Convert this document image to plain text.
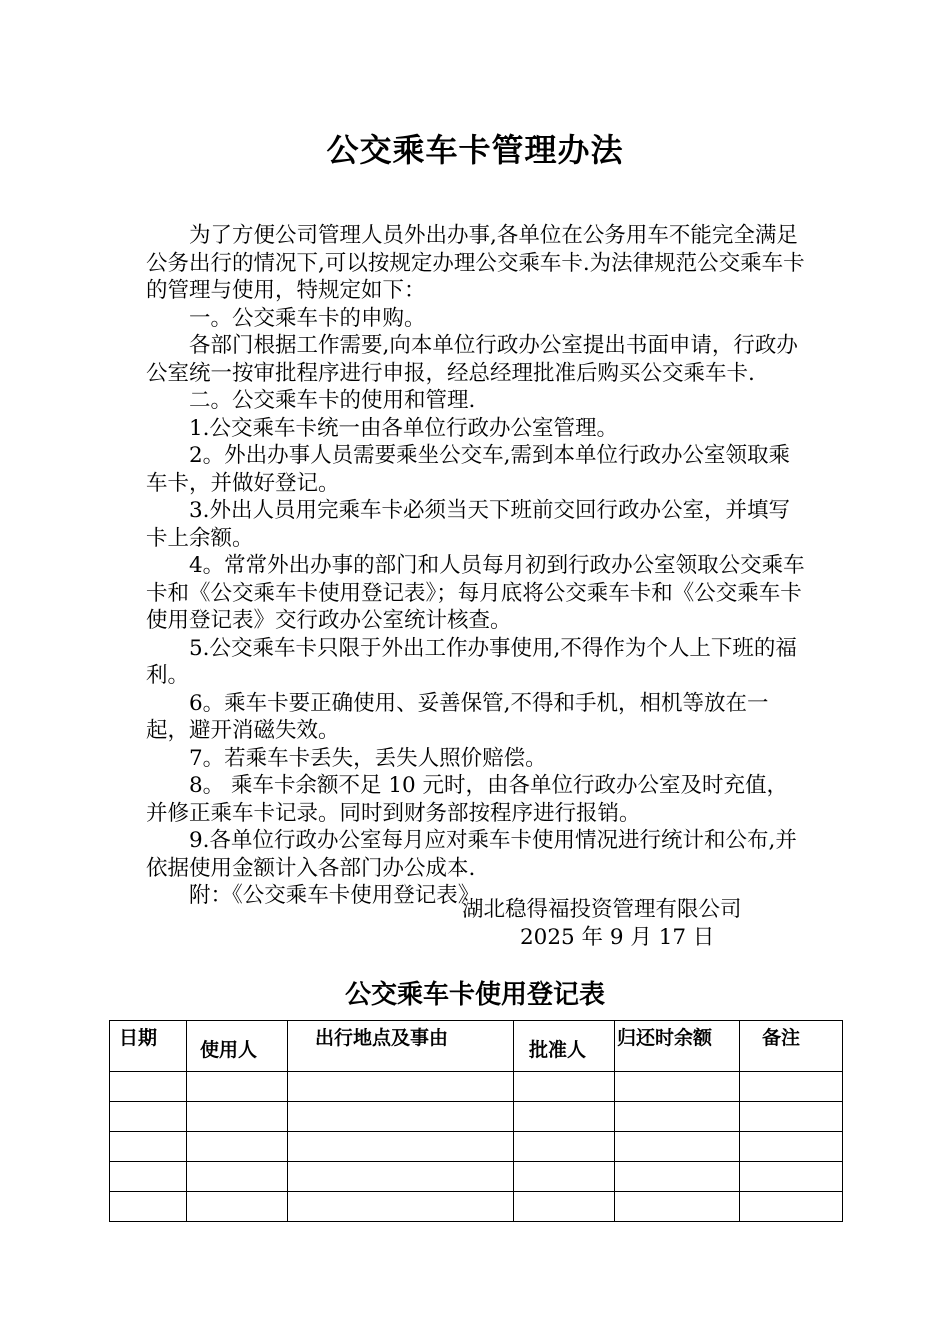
公交乘车卡管理办法

为了方便公司管理人员外出办事,各单位在公务用车不能完全满足公务出行的情况下,可以按规定办理公交乘车卡.为法律规范公交乘车卡的管理与使用，特规定如下：

一。公交乘车卡的申购。

各部门根据工作需要,向本单位行政办公室提出书面申请，行政办公室统一按审批程序进行申报，经总经理批准后购买公交乘车卡.

二。公交乘车卡的使用和管理.

1.公交乘车卡统一由各单位行政办公室管理。

2。外出办事人员需要乘坐公交车,需到本单位行政办公室领取乘车卡，并做好登记。

3.外出人员用完乘车卡必须当天下班前交回行政办公室，并填写卡上余额。

4。常常外出办事的部门和人员每月初到行政办公室领取公交乘车卡和《公交乘车卡使用登记表》；每月底将公交乘车卡和《公交乘车卡使用登记表》交行政办公室统计核查。

5.公交乘车卡只限于外出工作办事使用,不得作为个人上下班的福利。

6。乘车卡要正确使用、妥善保管,不得和手机，相机等放在一起，避开消磁失效。

7。若乘车卡丢失，丢失人照价赔偿。

8。 乘车卡余额不足 10 元时，由各单位行政办公室及时充值，并修正乘车卡记录。同时到财务部按程序进行报销。

9.各单位行政办公室每月应对乘车卡使用情况进行统计和公布,并依据使用金额计入各部门办公成本.

附：《公交乘车卡使用登记表》

湖北稳得福投资管理有限公司
2025 年 9 月 17 日
公交乘车卡使用登记表
日期	使用人	出行地点及事由	批准人	归还时余额	备注
